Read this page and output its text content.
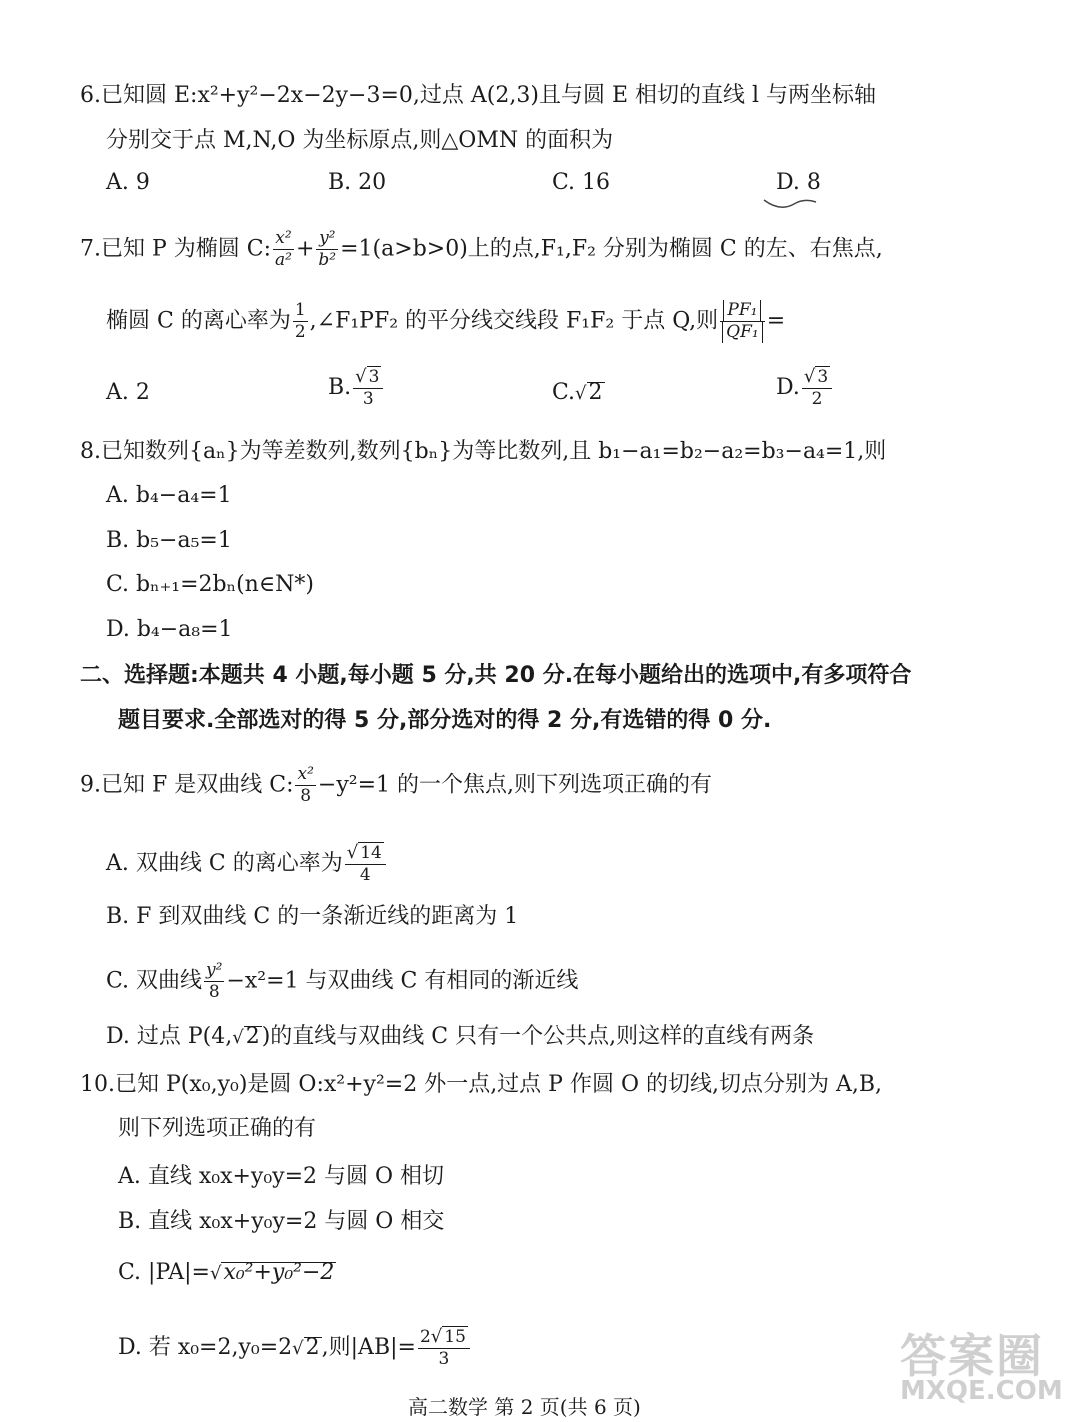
6.已知圆 E:x²+y²−2x−2y−3=0,过点 A(2,3)且与圆 E 相切的直线 l 与两坐标轴
分别交于点 M,N,O 为坐标原点,则△OMN 的面积为
A. 9	B. 20	C. 16	D. 8
7.已知 P 为椭圆 C: $\frac{\text{x²}}{\text{a²}} + \frac{\text{y²}}{\text{b²}} =1(a>b>0)$上的点,F₁,F₂ 分别为椭圆 C 的左、右焦点,
椭圆 C 的离心率为 $\frac{1}{2}$ ,∠F₁PF₂ 的平分线交线段 F₁F₂ 于点 Q,则 $\frac{\text{PF₁}}{\text{QF₁}}$ =
A. 2	B. $\frac{√ 3}{3}$	C.√2	D. $\frac{√ 3}{2}$
8.已知数列{aₙ}为等差数列,数列{bₙ}为等比数列,且 b₁−a₁=b₂−a₂=b₃−a₄=1,则
A. b₄−a₄=1
B. b₅−a₅=1
C. bₙ₊₁=2bₙ(n∈N*)
D. b₄−a₈=1
二、选择题:本题共 4 小题,每小题 5 分,共 20 分.在每小题给出的选项中,有多项符合
题目要求.全部选对的得 5 分,部分选对的得 2 分,有选错的得 0 分.
9.已知 F 是双曲线 C: $\frac{\text{x²}}{8} -y^2=1$ 的一个焦点,则下列选项正确的有
A. 双曲线 C 的离心率为 $\frac{√ 14}{4}$
B. F 到双曲线 C 的一条渐近线的距离为 1
C. 双曲线 $\frac{\text{y²}}{8} -x^2=1$ 与双曲线 C 有相同的渐近线
D. 过点 P(4,√2)的直线与双曲线 C 只有一个公共点,则这样的直线有两条
10.已知 P(x₀,y₀)是圆 O:x²+y²=2 外一点,过点 P 作圆 O 的切线,切点分别为 A,B,
则下列选项正确的有
A. 直线 x₀x+y₀y=2 与圆 O 相切
B. 直线 x₀x+y₀y=2 与圆 O 相交
C. |PA|=√x₀²+y₀²−2
D. 若 x₀=2,y₀=2√2,则$|AB|= \frac{2√ 15}{3}$
高二数学 第 2 页(共 6 页)
答案圈
MXQE.COM
